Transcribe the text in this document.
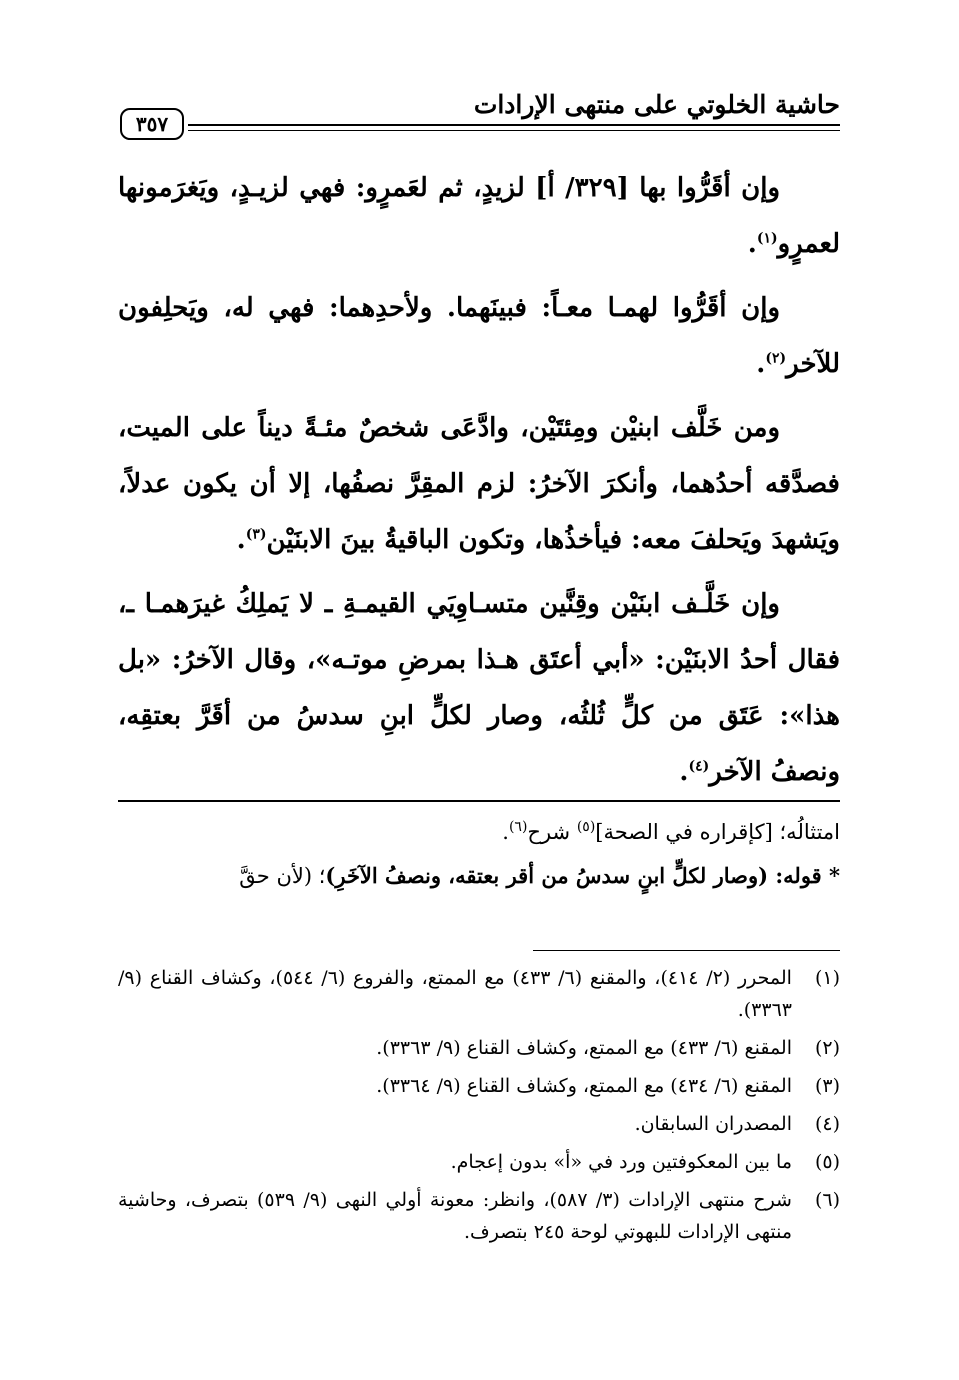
حاشية الخلوتي على منتهى الإرادات
٣٥٧

وإن أقَرُّوا بها [٣٢٩/ أ] لزيدٍ، ثم لعَمرٍو: فهي لزيـدٍ، ويَغرَمونها لعمرٍو$^{(١)}$.

وإن أقَرُّوا لهمـا معـاً: فبينَهما. ولأحدِهما: فهي له، ويَحلِفون للآخر$^{(٢)}$.

ومن خَلَّف ابنيْن ومِئتَيْن، وادَّعَى شخصٌ مئـةً ديناً على الميت، فصدَّقه أحدُهما، وأنكرَ الآخرُ: لزم المقِرَّ نصفُها، إلا أن يكون عدلاً، ويَشهدَ ويَحلفَ معه: فيأخذُها، وتكون الباقيةُ بينَ الابنَيْن$^{(٣)}$.

وإن خَلَّـف ابنَيْن وقِنَّين متسـاوِيَي القيمـةِ ـ لا يَملِكُ غيرَهمـا ـ، فقال أحدُ الابنَيْن: «أبي أعتَق هـذا بمرضِ موتـه»، وقال الآخرُ: «بل هذا»: عَتَق من كلٍّ ثُلثُه، وصار لكلٍّ ابنِ سدسُ من أقَرَّ بعتقِه، ونصفُ الآخر$^{(٤)}$.

امتثالُه؛ [كإقراره في الصحة]$^{(٥)}$ شرح$^{(٦)}$.

* قوله: (وصار لكلٍّ ابنٍ سدسُ من أقر بعتقه، ونصفُ الآخَرِ)؛ (لأن حقَّ

(١)
المحرر (٢/ ٤١٤)، والمقنع (٦/ ٤٣٣) مع الممتع، والفروع (٦/ ٥٤٤)، وكشاف القناع (٩/ ٣٣٦٣).
(٢)
المقنع (٦/ ٤٣٣) مع الممتع، وكشاف القناع (٩/ ٣٣٦٣).
(٣)
المقنع (٦/ ٤٣٤) مع الممتع، وكشاف القناع (٩/ ٣٣٦٤).
(٤)
المصدران السابقان.
(٥)
ما بين المعكوفتين ورد في «أ» بدون إعجام.
(٦)
شرح منتهى الإرادات (٣/ ٥٨٧)، وانظر: معونة أولي النهى (٩/ ٥٣٩) بتصرف، وحاشية منتهى الإرادات للبهوتي لوحة ٢٤٥ بتصرف.
